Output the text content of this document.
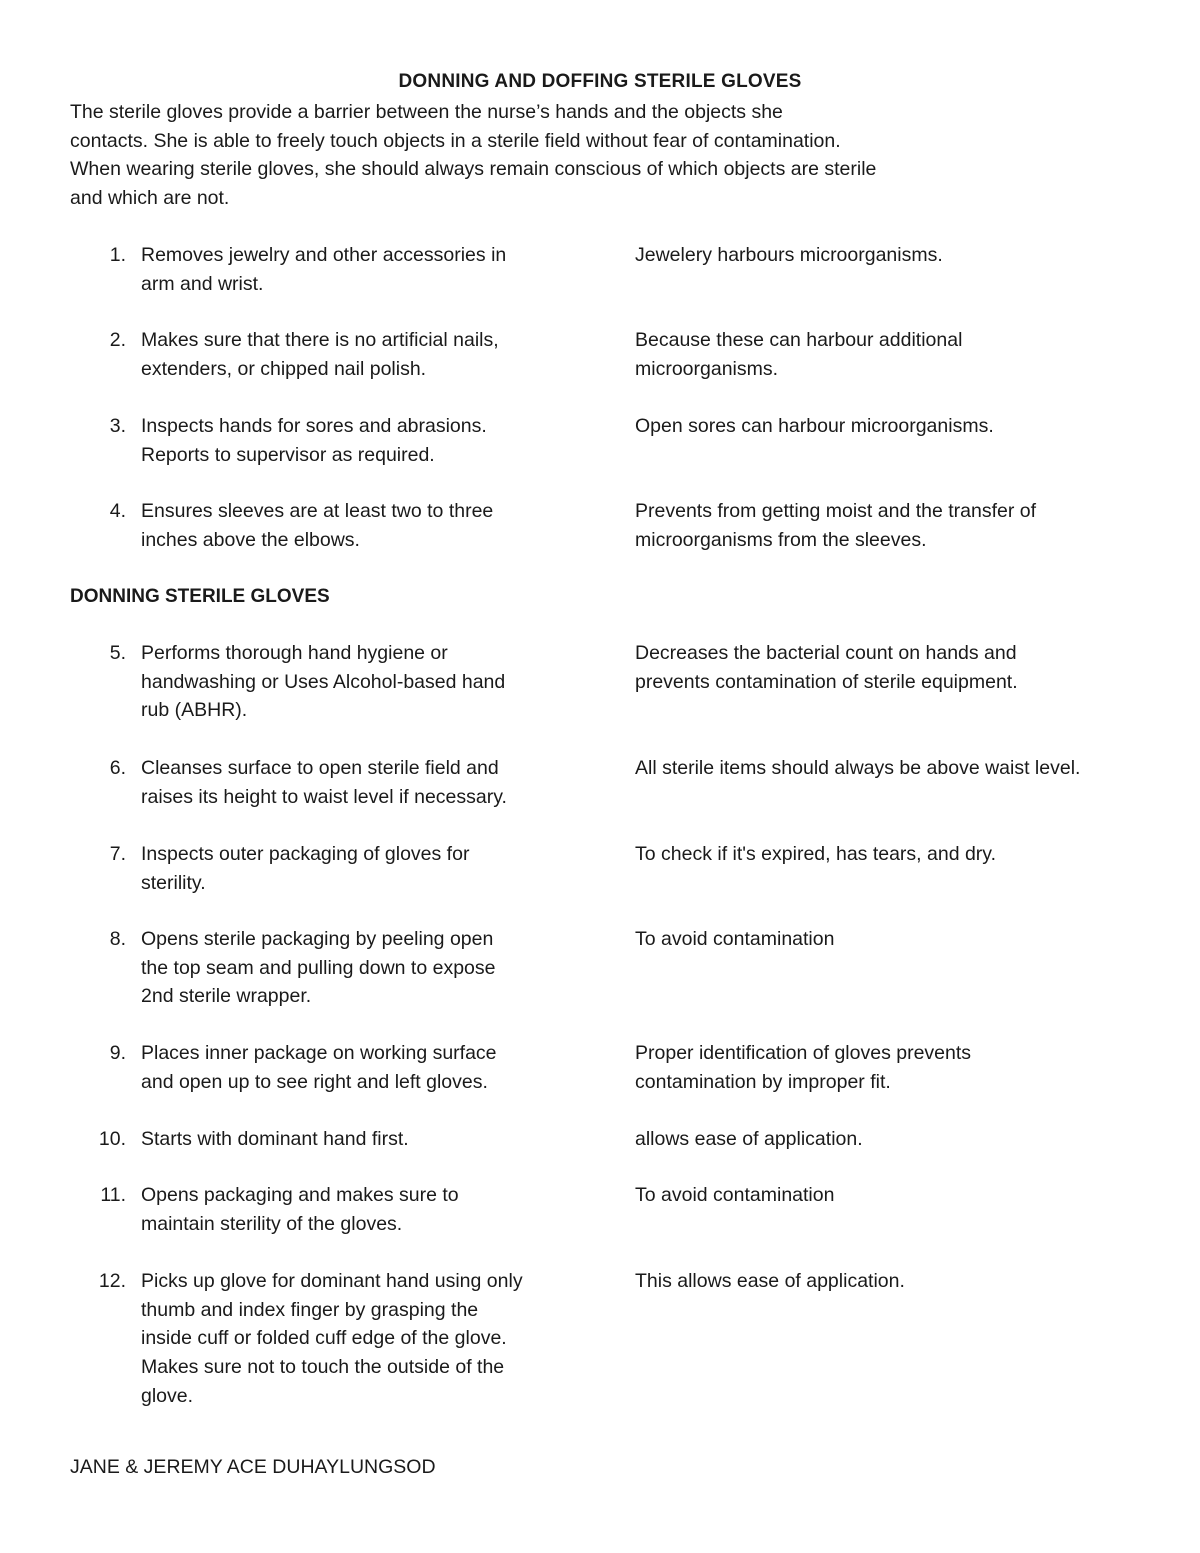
DONNING AND DOFFING STERILE GLOVES
The sterile gloves provide a barrier between the nurse’s hands and the objects she
contacts. She is able to freely touch objects in a sterile field without fear of contamination.
When wearing sterile gloves, she should always remain conscious of which objects are sterile
and which are not.
1. Removes jewelry and other accessories in
arm and wrist.
Jewelery harbours microorganisms.
2. Makes sure that there is no artificial nails,
extenders, or chipped nail polish.
Because these can harbour additional
microorganisms.
3. Inspects hands for sores and abrasions.
Reports to supervisor as required.
Open sores can harbour microorganisms.
4. Ensures sleeves are at least two to three
inches above the elbows.
Prevents from getting moist and the transfer of
microorganisms from the sleeves.
DONNING STERILE GLOVES
5. Performs thorough hand hygiene or
handwashing or Uses Alcohol-based hand
rub (ABHR).
Decreases the bacterial count on hands and
prevents contamination of sterile equipment.
6. Cleanses surface to open sterile field and
raises its height to waist level if necessary.
All sterile items should always be above waist level.
7. Inspects outer packaging of gloves for
sterility.
To check if it's expired, has tears, and dry.
8. Opens sterile packaging by peeling open
the top seam and pulling down to expose
2nd sterile wrapper.
To avoid contamination
9. Places inner package on working surface
and open up to see right and left gloves.
Proper identification of gloves prevents
contamination by improper fit.
10. Starts with dominant hand first.	allows ease of application.
11. Opens packaging and makes sure to
maintain sterility of the gloves.
To avoid contamination
12. Picks up glove for dominant hand using only
thumb and index finger by grasping the
inside cuff or folded cuff edge of the glove.
Makes sure not to touch the outside of the
glove.
This allows ease of application.
JANE & JEREMY ACE DUHAYLUNGSOD
